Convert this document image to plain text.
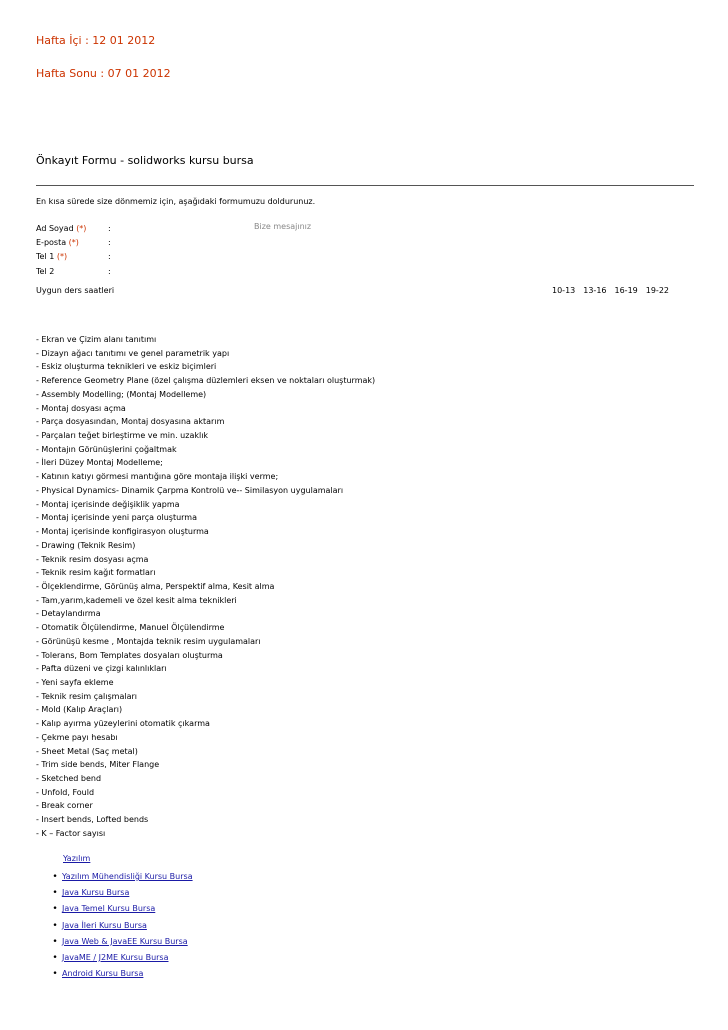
Hafta İçi : 12 01 2012
Hafta Sonu : 07 01 2012
Önkayıt Formu - solidworks kursu bursa
En kısa sürede size dönmemiz için, aşağıdaki formumuzu doldurunuz.
Ad Soyad (*)	:
E-posta (*)	:
Tel 1 (*)	:
Tel 2	:
Bize mesajınız
Uygun ders saatleri	10-13 13-16 16-19 19-22
- Ekran ve Çizim alanı tanıtımı
- Dizayn ağacı tanıtımı ve genel parametrik yapı
- Eskiz oluşturma teknikleri ve eskiz biçimleri
- Reference Geometry Plane (özel çalışma düzlemleri eksen ve noktaları oluşturmak)
- Assembly Modelling; (Montaj Modelleme)
- Montaj dosyası açma
- Parça dosyasından, Montaj dosyasına aktarım
- Parçaları teğet birleştirme ve min. uzaklık
- Montajın Görünüşlerini çoğaltmak
- İleri Düzey Montaj Modelleme;
- Katının katıyı görmesi mantığına göre montaja ilişki verme;
- Physical Dynamics- Dinamik Çarpma Kontrolü ve-- Similasyon uygulamaları
- Montaj içerisinde değişiklik yapma
- Montaj içerisinde yeni parça oluşturma
- Montaj içerisinde konfigirasyon oluşturma
- Drawing (Teknik Resim)
- Teknik resim dosyası açma
- Teknik resim kağıt formatları
- Ölçeklendirme, Görünüş alma, Perspektif alma, Kesit alma
- Tam,yarım,kademeli ve özel kesit alma teknikleri
- Detaylandırma
- Otomatik Ölçülendirme, Manuel Ölçülendirme
- Görünüşü kesme , Montajda teknik resim uygulamaları
- Tolerans, Bom Templates dosyaları oluşturma
- Pafta düzeni ve çizgi kalınlıkları
- Yeni sayfa ekleme
- Teknik resim çalışmaları
- Mold (Kalıp Araçları)
- Kalıp ayırma yüzeylerini otomatik çıkarma
- Çekme payı hesabı
- Sheet Metal (Saç metal)
- Trim side bends, Miter Flange
- Sketched bend
- Unfold, Fould
- Break corner
- Insert bends, Lofted bends
- K – Factor sayısı
Yazılım
• Yazılım Mühendisliği Kursu Bursa
• Java Kursu Bursa
• Java Temel Kursu Bursa
• Java İleri Kursu Bursa
• Java Web & JavaEE Kursu Bursa
• JavaME / J2ME Kursu Bursa
• Android Kursu Bursa
